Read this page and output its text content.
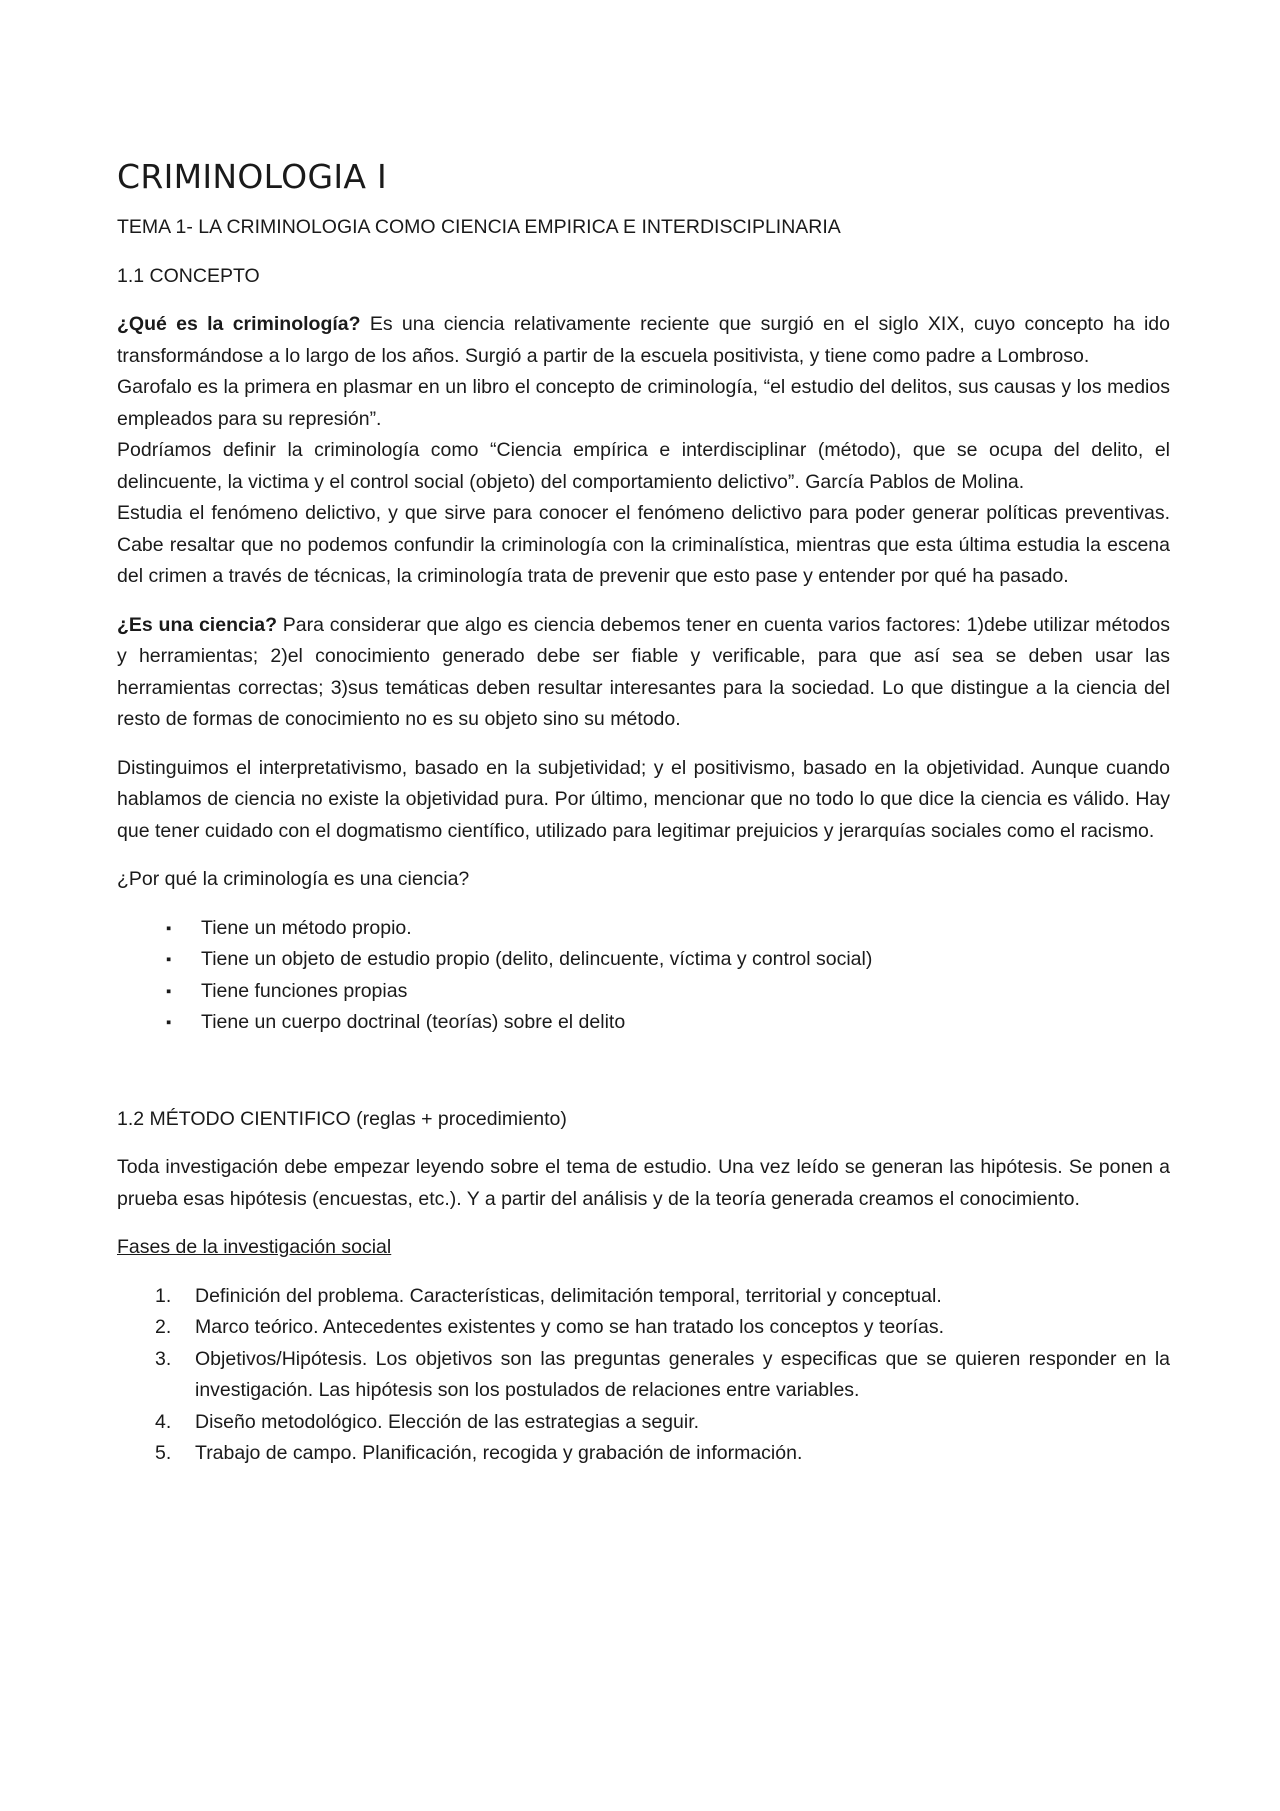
CRIMINOLOGIA I

TEMA 1- LA CRIMINOLOGIA COMO CIENCIA EMPIRICA E INTERDISCIPLINARIA

1.1 CONCEPTO

¿Qué es la criminología? Es una ciencia relativamente reciente que surgió en el siglo XIX, cuyo concepto ha ido transformándose a lo largo de los años. Surgió a partir de la escuela positivista, y tiene como padre a Lombroso.

Garofalo es la primera en plasmar en un libro el concepto de criminología, “el estudio del delitos, sus causas y los medios empleados para su represión”.

Podríamos definir la criminología como “Ciencia empírica e interdisciplinar (método), que se ocupa del delito, el delincuente, la victima y el control social (objeto) del comportamiento delictivo”. García Pablos de Molina.

Estudia el fenómeno delictivo, y que sirve para conocer el fenómeno delictivo para poder generar políticas preventivas. Cabe resaltar que no podemos confundir la criminología con la criminalística, mientras que esta última estudia la escena del crimen a través de técnicas, la criminología trata de prevenir que esto pase y entender por qué ha pasado.

¿Es una ciencia? Para considerar que algo es ciencia debemos tener en cuenta varios factores: 1)debe utilizar métodos y herramientas; 2)el conocimiento generado debe ser fiable y verificable, para que así sea se deben usar las herramientas correctas; 3)sus temáticas deben resultar interesantes para la sociedad. Lo que distingue a la ciencia del resto de formas de conocimiento no es su objeto sino su método.

Distinguimos el interpretativismo, basado en la subjetividad; y el positivismo, basado en la objetividad. Aunque cuando hablamos de ciencia no existe la objetividad pura. Por último, mencionar que no todo lo que dice la ciencia es válido. Hay que tener cuidado con el dogmatismo científico, utilizado para legitimar prejuicios y jerarquías sociales como el racismo.

¿Por qué la criminología es una ciencia?

▪ Tiene un método propio.
▪ Tiene un objeto de estudio propio (delito, delincuente, víctima y control social)
▪ Tiene funciones propias
▪ Tiene un cuerpo doctrinal (teorías) sobre el delito

1.2 MÉTODO CIENTIFICO (reglas + procedimiento)

Toda investigación debe empezar leyendo sobre el tema de estudio. Una vez leído se generan las hipótesis. Se ponen a prueba esas hipótesis (encuestas, etc.). Y a partir del análisis y de la teoría generada creamos el conocimiento.

Fases de la investigación social

1. Definición del problema. Características, delimitación temporal, territorial y conceptual.
2. Marco teórico. Antecedentes existentes y como se han tratado los conceptos y teorías.
3. Objetivos/Hipótesis. Los objetivos son las preguntas generales y especificas que se quieren responder en la investigación. Las hipótesis son los postulados de relaciones entre variables.
4. Diseño metodológico. Elección de las estrategias a seguir.
5. Trabajo de campo. Planificación, recogida y grabación de información.
